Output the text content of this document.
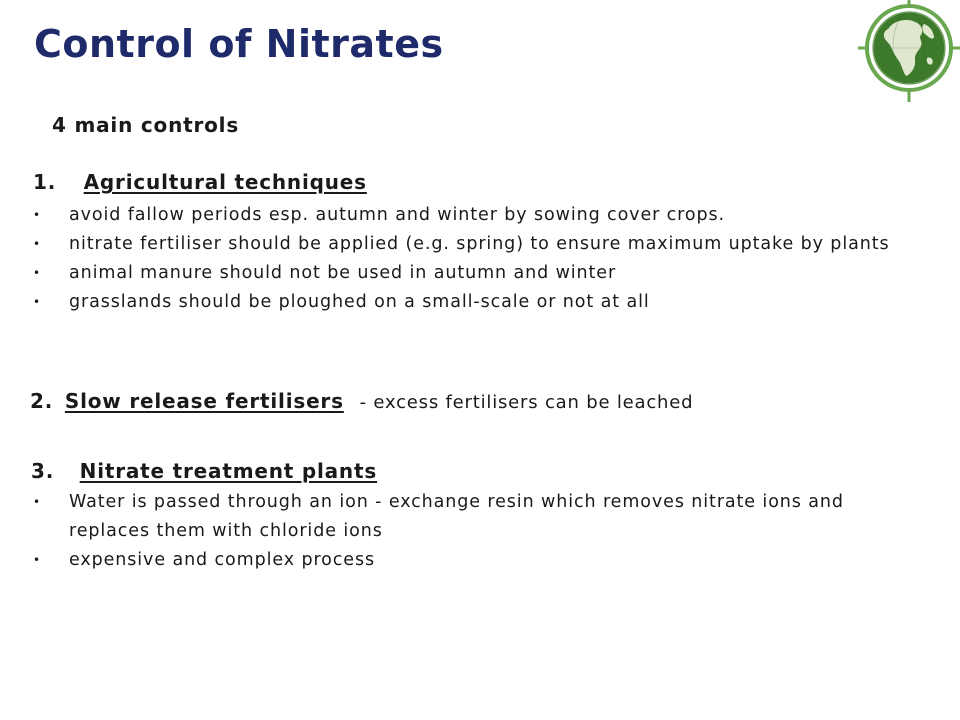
Control of Nitrates
4 main controls
1. Agricultural techniques
• avoid fallow periods esp. autumn and winter by sowing cover crops.
• nitrate fertiliser should be applied (e.g. spring) to ensure maximum uptake by plants
• animal manure should not be used in autumn and winter
• grasslands should be ploughed on a small-scale or not at all
2. Slow release fertilisers - excess fertilisers can be leached
3. Nitrate treatment plants
• Water is passed through an ion - exchange resin which removes nitrate ions and replaces them with chloride ions
• expensive and complex process
